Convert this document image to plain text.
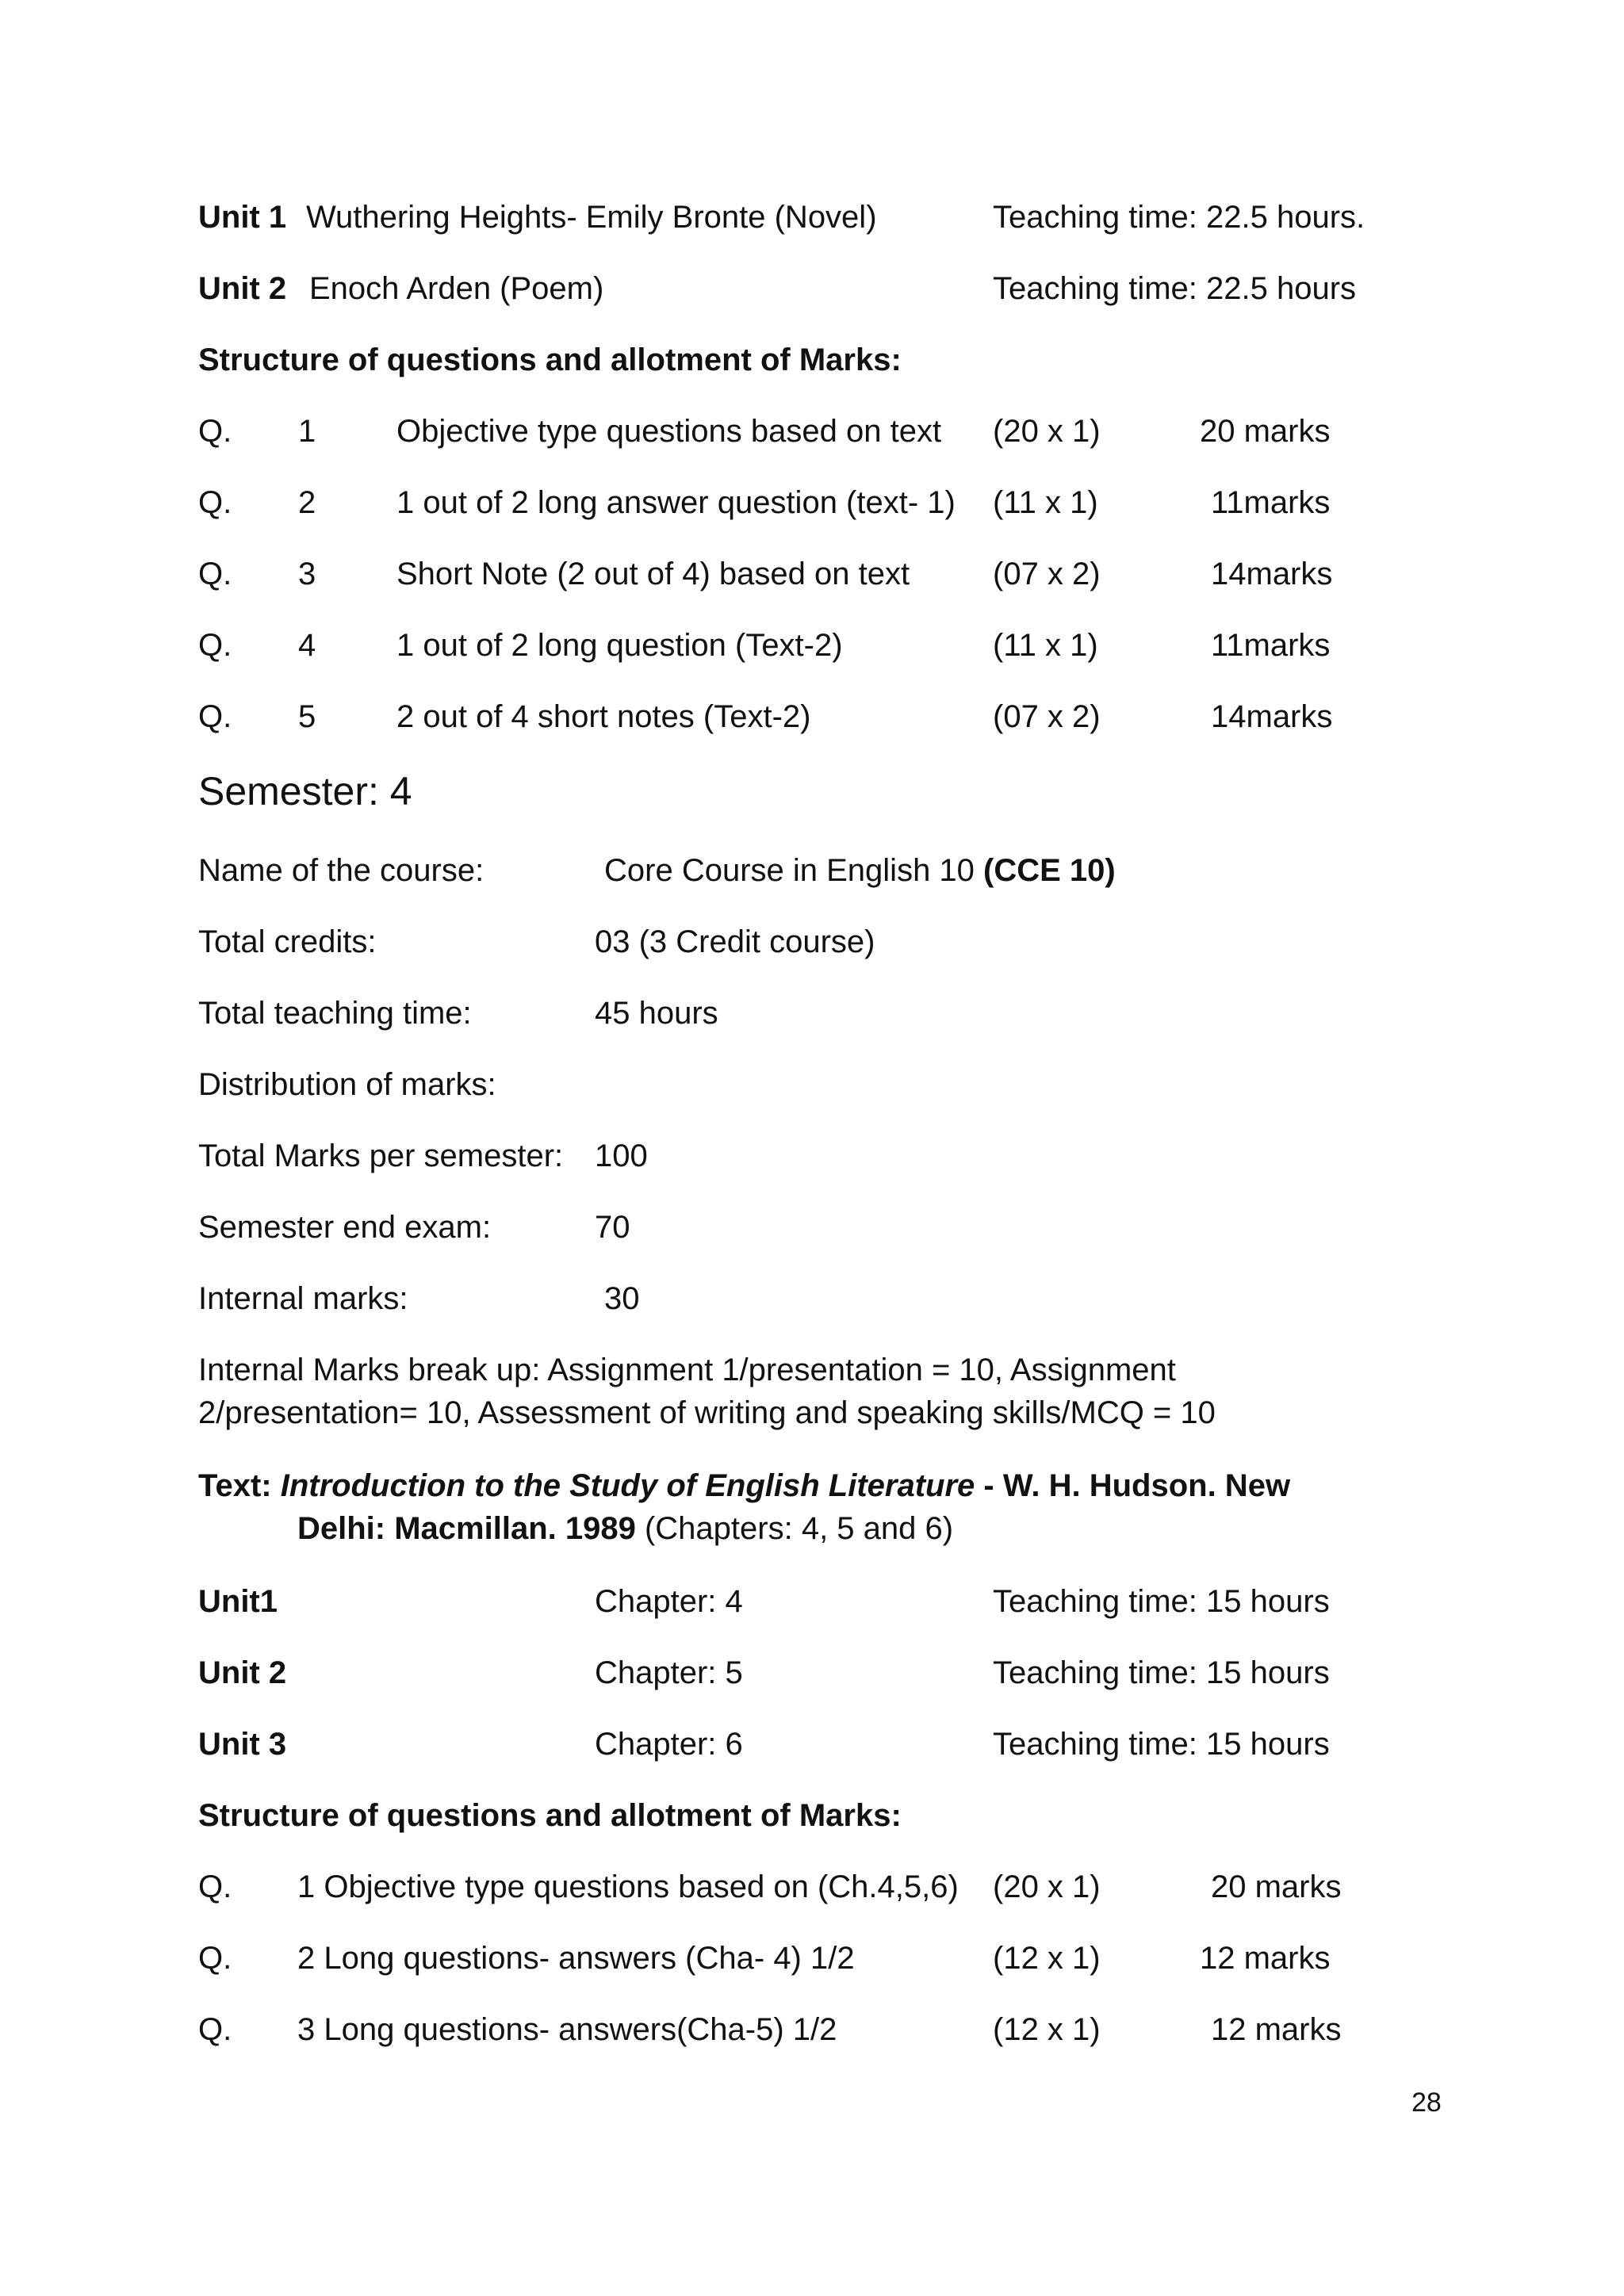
Unit 1 Wuthering Heights- Emily Bronte (Novel)	Teaching time: 22.5 hours.
Unit 2 Enoch Arden (Poem)	Teaching time: 22.5 hours
Structure of questions and allotment of Marks:
Q. 1	Objective type questions based on text (20 x 1)	20 marks
Q. 2	1 out of 2 long answer question (text- 1) (11 x 1)	11marks
Q. 3	Short Note (2 out of 4) based on text	(07 x 2)	14marks
Q. 4	1 out of 2 long question (Text-2)	(11 x 1)	11marks
Q. 5	2 out of 4 short notes (Text-2)	(07 x 2)	14marks
Semester: 4
Name of the course:	Core Course in English 10 (CCE 10)
Total credits:	03 (3 Credit course)
Total teaching time:	45 hours
Distribution of marks:
Total Marks per semester: 100
Semester end exam:	70
Internal marks:	30
Internal Marks break up: Assignment 1/presentation = 10, Assignment
2/presentation= 10, Assessment of writing and speaking skills/MCQ = 10
Text: Introduction to the Study of English Literature - W. H. Hudson. New
Delhi: Macmillan. 1989 (Chapters: 4, 5 and 6)
Unit1	Chapter: 4	Teaching time: 15 hours
Unit 2	Chapter: 5	Teaching time: 15 hours
Unit 3	Chapter: 6	Teaching time: 15 hours
Structure of questions and allotment of Marks:
Q. 1 Objective type questions based on (Ch.4,5,6) (20 x 1)	20 marks
Q. 2 Long questions- answers (Cha- 4) 1/2	(12 x 1)	12 marks
Q. 3 Long questions- answers(Cha-5) 1/2	(12 x 1)	12 marks
28
